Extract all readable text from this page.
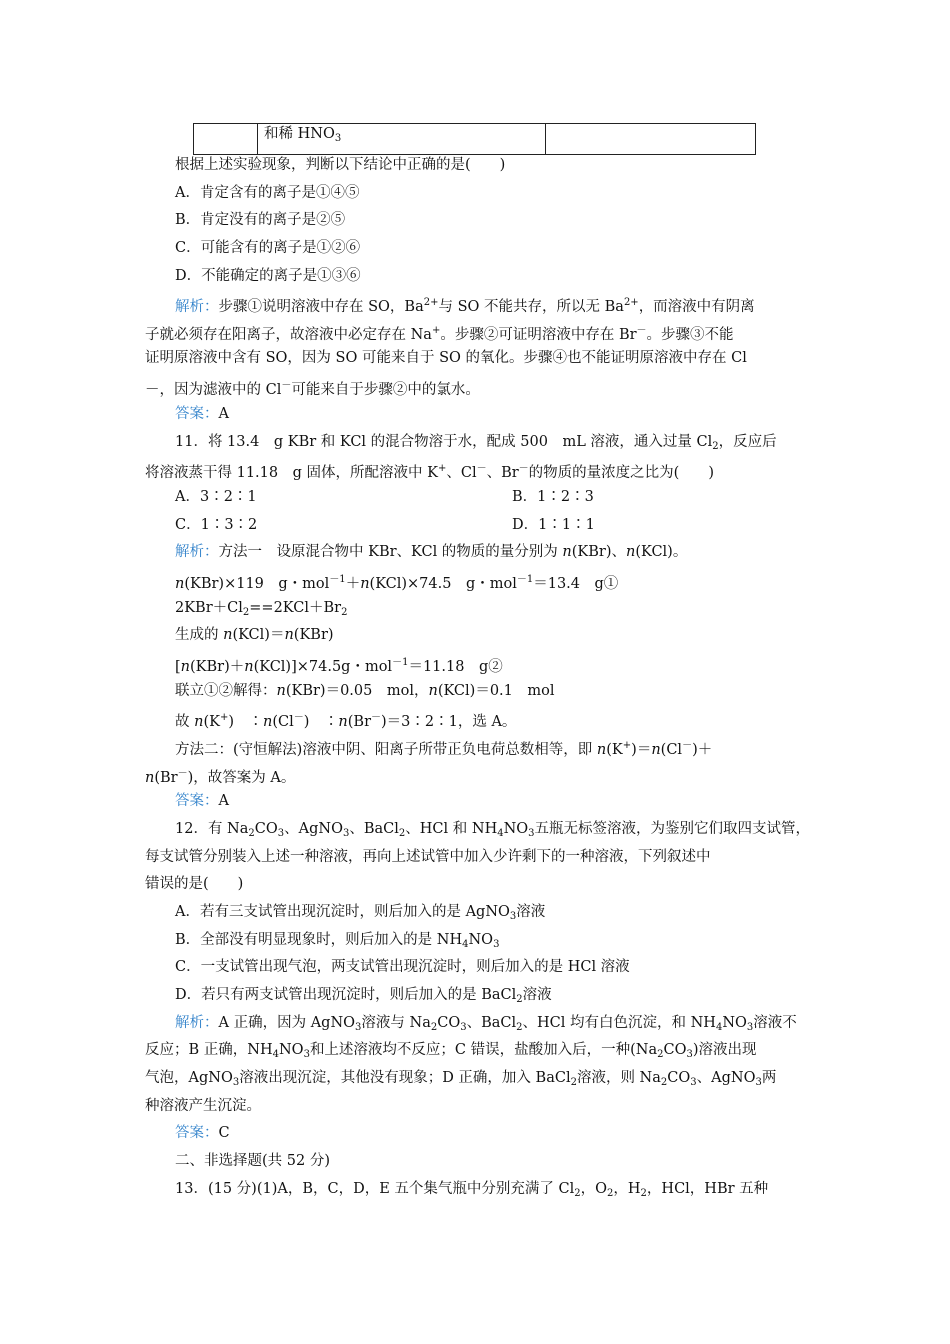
	和稀 $HNO_3$	
根据上述实验现象，判断以下结论中正确的是(　　)
A．肯定含有的离子是①④⑤
B．肯定没有的离子是②⑤
C．可能含有的离子是①②⑥
D．不能确定的离子是①③⑥
解析：步骤①说明溶液中存在 SO，$Ba^{2+}$与 SO 不能共存，所以无 $Ba^{2+}$，而溶液中有阴离
子就必须存在阳离子，故溶液中必定存在 Na+。步骤②可证明溶液中存在 Br－。步骤③不能
证明原溶液中含有 SO，因为 SO 可能来自于 SO 的氧化。步骤④也不能证明原溶液中存在 Cl
－，因为滤液中的 Cl－可能来自于步骤②中的氯水。
答案：A
11．将 13.4　g KBr 和 KCl 的混合物溶于水，配成 500　mL 溶液，通入过量 $Cl_2$，反应后
将溶液蒸干得 11.18　g 固体，所配溶液中 K+、Cl－、Br－的物质的量浓度之比为(　　)
A．3∶2∶1	B．1∶2∶3
C．1∶3∶2	D．1∶1∶1
解析：方法一　设原混合物中 KBr、KCl 的物质的量分别为 n(KBr)、n(KCl)。
n(KBr)×119　g・mol$^{-1}$＋n(KCl)×74.5　g・mol$^{-1}$＝13.4　g①
$2KBr+Cl_2==2KCl+Br_2$
生成的 n(KCl)＝n(KBr)
[n(KBr)＋n(KCl)]×74.5g・mol$^{-1}$＝11.18　g②
联立①②解得：n(KBr)＝0.05　mol，n(KCl)＝0.1　mol
故 n(K+)　∶n(Cl－)　∶n(Br－)＝3∶2∶1，选 A。
方法二：(守恒解法)溶液中阴、阳离子所带正负电荷总数相等，即 n(K+)＝n(Cl－)＋
n(Br－)，故答案为 A。
答案：A
12．有 $Na_2CO_3$、AgNO$_3$、BaCl$_2$、HCl 和 $NH_4NO_3$五瓶无标签溶液，为鉴别它们取四支试管，
每支试管分别装入上述一种溶液，再向上述试管中加入少许剩下的一种溶液，下列叙述中
错误的是(　　)
A．若有三支试管出现沉淀时，则后加入的是 AgNO$_3$溶液
B．全部没有明显现象时，则后加入的是 $NH_4NO_3$
C．一支试管出现气泡，两支试管出现沉淀时，则后加入的是 HCl 溶液
D．若只有两支试管出现沉淀时，则后加入的是 BaCl$_2$溶液
解析：A 正确，因为 AgNO$_3$溶液与 $Na_2CO_3$、BaCl$_2$、HCl 均有白色沉淀，和 $NH_4NO_3$溶液不
反应；B 正确，$NH_4NO_3$和上述溶液均不反应；C 错误，盐酸加入后，一种$(Na_2CO_3)$溶液出现
气泡，AgNO$_3$溶液出现沉淀，其他没有现象；D 正确，加入 BaCl$_2$溶液，则 $Na_2CO_3$、AgNO$_3$两
种溶液产生沉淀。
答案：C
二、非选择题(共 52 分)
13．(15 分)(1)A，B，C，D，E 五个集气瓶中分别充满了 $Cl_2$，$O_2$，$H_2$，HCl，HBr 五种
